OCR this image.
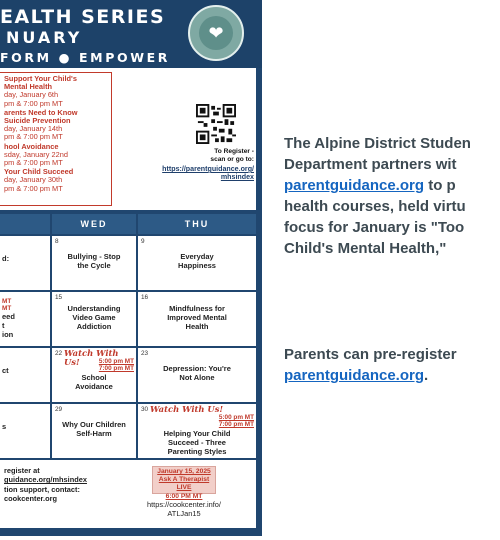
EALTH SERIES
NUARY
FORM ● EMPOWER
❤
Support Your Child's
Mental Health
day, January 6th
pm & 7:00 pm MT
arents Need to Know
Suicide Prevention
day, January 14th
pm & 7:00 pm MT
hool Avoidance
sday, January 22nd
pm & 7:00 pm MT
Your Child Succeed
day, January 30th
pm & 7:00 pm MT
To Register -
scan or go to:
https://parentguidance.org/
mhsindex
WED	THU
d:
8
Bullying - Stop
the Cycle
9
Everyday
Happiness
MT
MT
eed
t
ion
15
Understanding
Video Game
Addiction
16
Mindfulness for
Improved Mental
Health
ct
22 Watch With Us!	5:00 pm MT
7:00 pm MT
School
Avoidance
23
Depression: You're
Not Alone
s
29
Why Our Children
Self-Harm
30 Watch With Us!
5:00 pm MT
7:00 pm MT
Helping Your Child
Succeed - Three
Parenting Styles
register at
guidance.org/mhsindex
tion support, contact:
cookcenter.org
January 15, 2025
Ask A Therapist LIVE
6:00 PM MT
https://cookcenter.info/
ATLJan15

The Alpine District Studen

Department partners wit

parentguidance.org to p

health courses, held virtu

focus for January is "Too

Child's Mental Health,"

Parents can pre-register

parentguidance.org.
